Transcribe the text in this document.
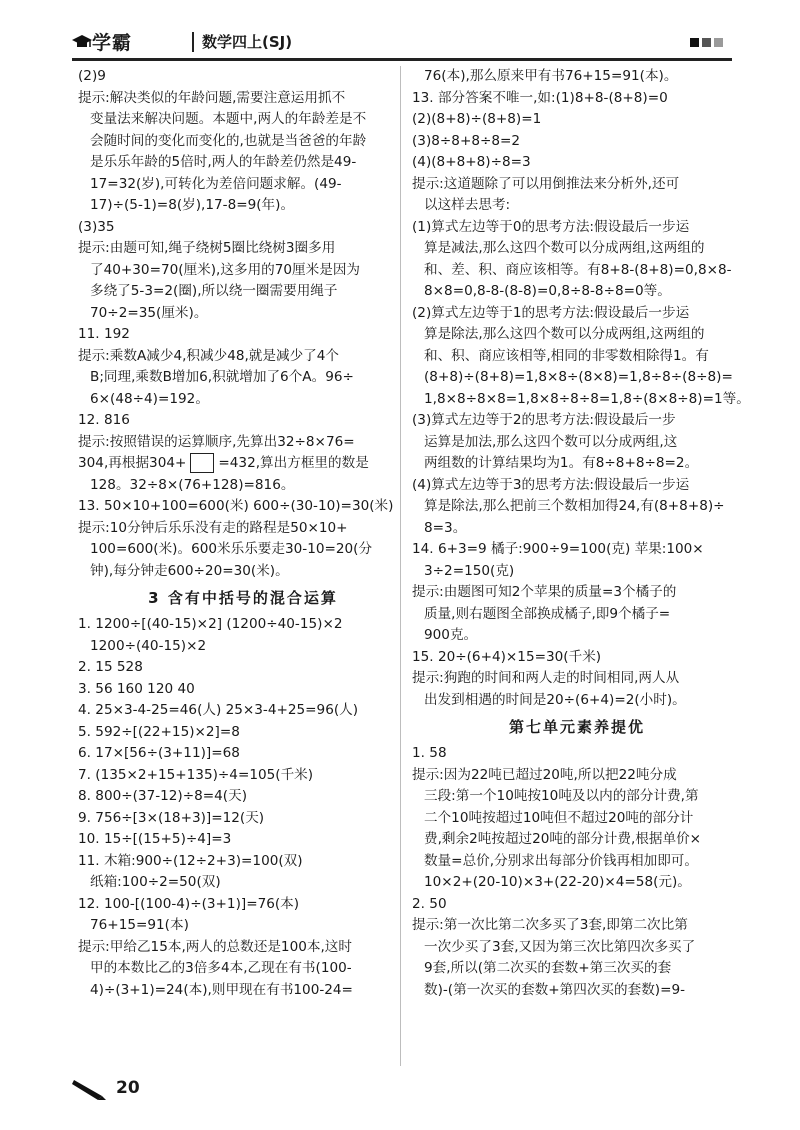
学霸	数学四上(SJ)
(2)9
提示:解决类似的年龄问题,需要注意运用抓不
变量法来解决问题。本题中,两人的年龄差是不
会随时间的变化而变化的,也就是当爸爸的年龄
是乐乐年龄的5倍时,两人的年龄差仍然是49-
17=32(岁),可转化为差倍问题求解。(49-
17)÷(5-1)=8(岁),17-8=9(年)。
(3)35
提示:由题可知,绳子绕树5圈比绕树3圈多用
了40+30=70(厘米),这多用的70厘米是因为
多绕了5-3=2(圈),所以绕一圈需要用绳子
70÷2=35(厘米)。
11. 192
提示:乘数A减少4,积减少48,就是减少了4个
B;同理,乘数B增加6,积就增加了6个A。96÷
6×(48÷4)=192。
12. 816
提示:按照错误的运算顺序,先算出32÷8×76=
304,再根据304+ =432,算出方框里的数是
128。32÷8×(76+128)=816。
13. 50×10+100=600(米) 600÷(30-10)=30(米)
提示:10分钟后乐乐没有走的路程是50×10+
100=600(米)。600米乐乐要走30-10=20(分
钟),每分钟走600÷20=30(米)。
3 含有中括号的混合运算
1. 1200÷[(40-15)×2] (1200÷40-15)×2
1200÷(40-15)×2
2. 15 528
3. 56 160 120 40
4. 25×3-4-25=46(人) 25×3-4+25=96(人)
5. 592÷[(22+15)×2]=8
6. 17×[56÷(3+11)]=68
7. (135×2+15+135)÷4=105(千米)
8. 800÷(37-12)÷8=4(天)
9. 756÷[3×(18+3)]=12(天)
10. 15÷[(15+5)÷4]=3
11. 木箱:900÷(12÷2+3)=100(双)
纸箱:100÷2=50(双)
12. 100-[(100-4)÷(3+1)]=76(本)
76+15=91(本)
提示:甲给乙15本,两人的总数还是100本,这时
甲的本数比乙的3倍多4本,乙现在有书(100-
4)÷(3+1)=24(本),则甲现在有书100-24=
76(本),那么原来甲有书76+15=91(本)。
13. 部分答案不唯一,如:(1)8+8-(8+8)=0
(2)(8+8)÷(8+8)=1
(3)8÷8+8÷8=2
(4)(8+8+8)÷8=3
提示:这道题除了可以用倒推法来分析外,还可
以这样去思考:
(1)算式左边等于0的思考方法:假设最后一步运
算是减法,那么这四个数可以分成两组,这两组的
和、差、积、商应该相等。有8+8-(8+8)=0,8×8-
8×8=0,8-8-(8-8)=0,8÷8-8÷8=0等。
(2)算式左边等于1的思考方法:假设最后一步运
算是除法,那么这四个数可以分成两组,这两组的
和、积、商应该相等,相同的非零数相除得1。有
(8+8)÷(8+8)=1,8×8÷(8×8)=1,8÷8÷(8÷8)=
1,8×8÷8×8=1,8×8÷8÷8=1,8÷(8×8÷8)=1等。
(3)算式左边等于2的思考方法:假设最后一步
运算是加法,那么这四个数可以分成两组,这
两组数的计算结果均为1。有8÷8+8÷8=2。
(4)算式左边等于3的思考方法:假设最后一步运
算是除法,那么把前三个数相加得24,有(8+8+8)÷
8=3。
14. 6+3=9 橘子:900÷9=100(克) 苹果:100×
3÷2=150(克)
提示:由题图可知2个苹果的质量=3个橘子的
质量,则右题图全部换成橘子,即9个橘子=
900克。
15. 20÷(6+4)×15=30(千米)
提示:狗跑的时间和两人走的时间相同,两人从
出发到相遇的时间是20÷(6+4)=2(小时)。
第七单元素养提优
1. 58
提示:因为22吨已超过20吨,所以把22吨分成
三段:第一个10吨按10吨及以内的部分计费,第
二个10吨按超过10吨但不超过20吨的部分计
费,剩余2吨按超过20吨的部分计费,根据单价×
数量=总价,分别求出每部分价钱再相加即可。
10×2+(20-10)×3+(22-20)×4=58(元)。
2. 50
提示:第一次比第二次多买了3套,即第二次比第
一次少买了3套,又因为第三次比第四次多买了
9套,所以(第二次买的套数+第三次买的套
数)-(第一次买的套数+第四次买的套数)=9-
20
